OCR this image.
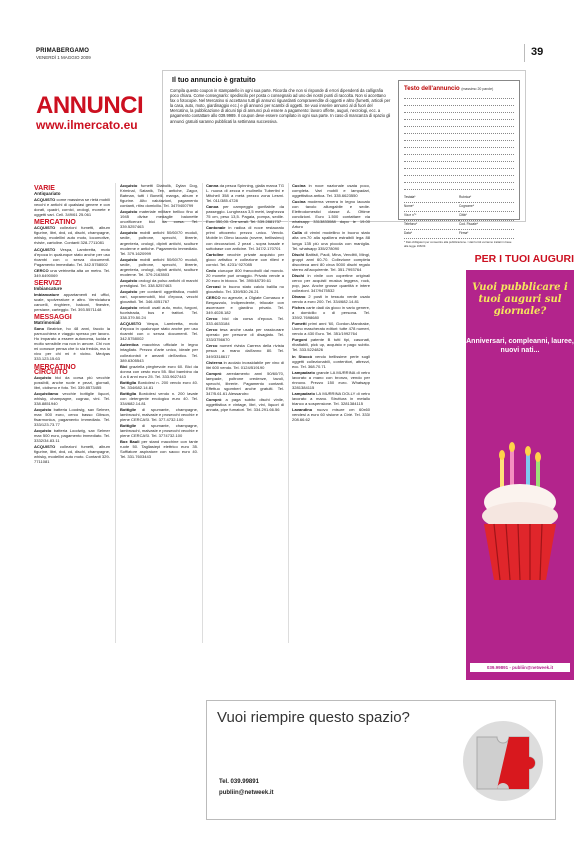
PRIMABERGAMO
VENERDÌ 1 MAGGIO 2009	39
ANNUNCI
www.ilmercato.eu
Il tuo annuncio è gratuito
Compila questo coupon in stampatello in ogni sua parte. Ricorda che non si risponde di errori dipendenti da calligrafia poco chiara. Come consegnarlo: spediscilo per posta o consegnalo ad uno dei nostri punti di raccolta. Non si accettano fax o fotocopie. Nel Mercatino si accettano tutti gli annunci riguardanti compravendite di oggetti e altro (fumetti, articoli per la casa, auto, moto, giardinaggio ecc.) e gli annunci per scambi di oggetti. Se vuoi inserire annunci al di fuori del Mercatino, la pubblicazione di alcuni tipi di annunci può essere a pagamento: lavoro offerte, auguri, necrologi, ecc. a pagamento contattare allo 039.9989. Il coupon deve essere compilato in ogni sua parte. In caso di mancanza di spazio gli annunci gratuiti saranno pubblicati la settimana successiva.
Testo dell'annuncio (massimo 20 parole)
Testata*	Rubrica*
Nome*	Cognome*
Via e n°*	Città*
Telefono*	Cod. Fiscale*
Data*	Firma*
* Dati obbligatori per consentire alla pubblicazione. I dati forniti verranno trattati in base alla legge 196/03.
VARIE
Antiquariato

ACQUISTO come massima se rietà mobili vecchi e antichi di qualsiasi genere e con dorati, quadri, cornici, orologi, monete e oggetti vari. Cell. 349/61 25.061

MERCATINO

ACQUISTO collezioni fumetti, album figurine, libri, dvd, cd, dischi, champagne, whisky, modellini auto moto, locomotive, riviste, cartoline. Contanti 328-7711081

ACQUISTO Vespa, Lambretta, moto d'epoca in qualunque stato anche per uso ricambi con o senza documenti. Pagamento immediato. Tel. 342.5758002

CERCO una vetrinetta alta un metro. Tel. 349.6490069

SERVIZI
Imbiancature

Imbiancature appartamenti ed uffici, scale, spolverature e altro. Verniciatura cancelli, ringhiere, balconi, finestre, persiane, carteggio. Tel. 393.5571148

MESSAGGI
Matrimoniali

Sono Beatrice, ho 48 anni, faccio la parrucchiera e viaggio spesso per lavoro. Ho imparato a essere autonoma, lucida e molto sensibile ma non in amore. Chi non mi conosce pensa che io sia fredda, ma io vivo per chi mi è vicino. Medyas 333.123.15.63

MERCATINO CIRCUITO

Acquisto bici da corsa più vecchie possibili, anche ruote e pezzi, giornali, libri, ciclismo e foto. Tel. 339.8573455

Acquistiamo vecchie bottiglie liquori, whisky, champagne, cognac, vini. Tel. 338.8851940

Acquisto batteria Loodwig, sax Selmer, max 500 euro, cerco basso Gibson, fisarmonica, pagamento immediato. Tel. 333/123.73.77

Acquisto batteria Loodwig, sax Selmer max 500 euro, pagamento immediato. Tel. 3332/34.83.11

ACQUISTO collezioni fumetti, album figurine, libri, dvd, cd, dischi, champagne, whisky, modellini auto moto. Contanti 329-7711081

Acquisto fumetti Diabolik, Dylan Dog, Kriminal, Satanik, Tex, antiche, Zagor, Batman, tutti i Bonelli, manga, album e figurine. Alto valutazioni, pagamento contanti, ritiro domicilio. Tel. 3479400799

Acquisto materiale militare bellico fino al 1945 divise medaglie baionette onorificenze bici da corsa. Tel. 339.5257463

Acquisto mobili antichi 50/60/70 moduli, sedie, poltrone, specchi, librerie, argenteria, orologi, dipinti antichi, sculture moderne e antiche. Pagamento immediato. Tel. 379.1620999

Acquisto mobili antichi 50/60/70 moduli, sedie, poltrone, specchi, librerie, argenteria, orologi, dipinti antichi, sculture moderne. Tel. 379.2163503

Acquisto orologi da polso antichi di marchi prestigiosi. Tel. 338.5257463

Acquisto per contanti oggettistica, mobili vari, soprammobili, bici d'epoca, vecchi giocattoli. Tel. 346.4051767

Acquisto veicoli usati auto, moto, furgoni, fuoristrada, bus e trattori. Tel. 338.379.50.24

ACQUISTO Vespa, Lambretta, moto d'epoca in qualunque stato anche per uso ricambi con o senza documenti. Tel. 342.5758002

Autentica macchina ufficiale in legno intagliato. Prezzo d'arte unico, ideale per collezionisti e amanti dell'antico. Tel. 389.6305543

Bici graziella pieghevole euro 60. Bici da donna con cesto euro 55. Bici bambino da 4 a 6 anni euro 25. Tel. 333.9627443

Bottiglia Bordolesi n. 200 vendo euro 40. Tel. 334/682.14.81

Bottiglia Bordolesi vendo n. 200 lavate con detergente enologico euro 40. Tel. 334/682.14.81

Bottiglie di spumante, champagne, lambruschi, malvasie e prosecchi vecchie e piene CERCASI. Tel. 377.4732.100

Bottiglie di spumante, champagne, lambruschi, malvasie e prosecchi vecchie e piene CERCASI. Tel. 3774732.100

Box Bauli per stand macchine con tante ruote 50. Tagliasiepi elettrico euro 35. Soffiatore aspiratore con sacco euro 40. Tel. 331.7603443

Canna da pesca Spinning, gialla marca TG L. nuova di zecca e mulinello Tubertini e Mitchell 358 a metà prezzo zona Lesmi. Tel. 011/385.4728

Canoa per campeggio gonfiabile da passeggio. Lunghezza 3,5 metri, larghezza 75 cm, peso 13,5. Pagaia, pompa, sedile. Euro 350,00. Ore serali. Tel. 339.2881737

Cantonale in radica di noce restaurato primi ottocento prezzo unico. Vendo. Mobile in Olmo laccato (rovere, bellissimo) con decorazioni. 2 pezzi - sopra basale e sottobase con anticine. Tel. 347/2.170701

Cartoline vecchie private acquisto per gioco artistico e collezione con rilievi e cornici. Tel. 4231/ 927085

Cedo ciuruque 800 francobolli dal mondo. 20 monete puri omaggio. Privato vende a 20 euro in blocco. Tel. 390/48739.61

Cercasi in buono stato calcio balilla no giocattolo. Tel. 339/530.26.21

CERCO no agenzie, a Olgiate Comasco e Bergazzolo, indipendente, trilocale con ascensore e giardino privato. Tel. 349.4028.182

Cerco bici da corsa d'epoca. Tel. 333.4633184

Cerco tesa anche usata per rassicurare operaio per persone di disagiato. Tel. 333/3756670

Cerco numeri rivista Carrera della rivista pesca a mano dall'anno 80. Tel. 349/3318617

Cisterna in acciaio inossidabile per vino di litri 600 vendo. Tel. 0124/519190

Comprò arredamento anni 50/60/70, lampade, poltrone credenze, tavoli, specchi, librerie. Pagamento contanti. Effettuo sgomberi anche gratuiti. Tel. 347/5.61.61 Alessandro

Comprò a paga subito dischi vinile, oggettistica e vintage, libri, vini, liquori di annata, pipe fumatori. Tel. 334.291.66.56

Cucina in noce nazionale usata poco, completa. Vari mobili e lampadari, oggettistica antica. Tel. 335.6623550

Cucina moderna venera in legno laccato con tavolo allungabile e sedie. Elettrodomestici classe A. Ottime condizioni. Euro 1.500 contattare via whatsapp 3313833088 dopo le 19.00 Arturo

Culla di vimini modellino in buono stato alta cm.70 alla spalliera estraibili lega 88 lunga 135 più una piccola con maniglia. Tel. whatsapp 335/278090

Dischi Battisti, Paoli, Mina, Venditti, Mingi, gruppi anni 60-70. Collezione completa discoteca anni 80 circa 5000 dischi regalo stereo all'acquirente. Tel. 351.7993764

Dischi in vinile con copertine originali cerco per acquisti musica leggera, rock, pop, jazz. Anche grosse quantità e intere collezioni. 347/9475532

Divano 2 posti in tessuto verde usato vendo a euro 200. Tel. 334/682.14.81

Fiches carte dadi da gioco in vario genere, a domicilio o di persona. Tel. 339/2.7698680

Fumetti primi anni '60, Gordon-Mandrake, Uomo mascherato editori: tutte 478 numeri, vendo a 430 Euro. Tel. 351/1992764

Furgoni patente B tutti tipi, casonati, ribaltabili, pick up, acquisto e pago subito. Tel. 333.5224826

In Stoccò vendo bellissime perle sugli oggetti collezionabili, contenitori, attrezzi, ecc. Tel. 368.70.71

Lampadario grande LA MURRINA di vetro lavorato a mano con bronzo, vendo per rinnovo. Prezzo 150 euro. Whatsapp 3281384115

Lampadario LA MURRINA DOLLY di vetro lavorato a mano. Struttura in metallo bianco a sospensione. Tel. 3281384115

Lavandino nuovo misure cm 60x60 vendesi a euro 60 visione a Cirié. Tel. 333/ 208.66.62

PER I TUOI AUGURI
Vuoi pubblicare i tuoi auguri sul giornale?
Anniversari, compleanni, lauree, nuovi nati...
039.99891 - publiin@netweek.it
Vuoi riempire questo spazio?
Tel. 039.99891
publiin@netweek.it
